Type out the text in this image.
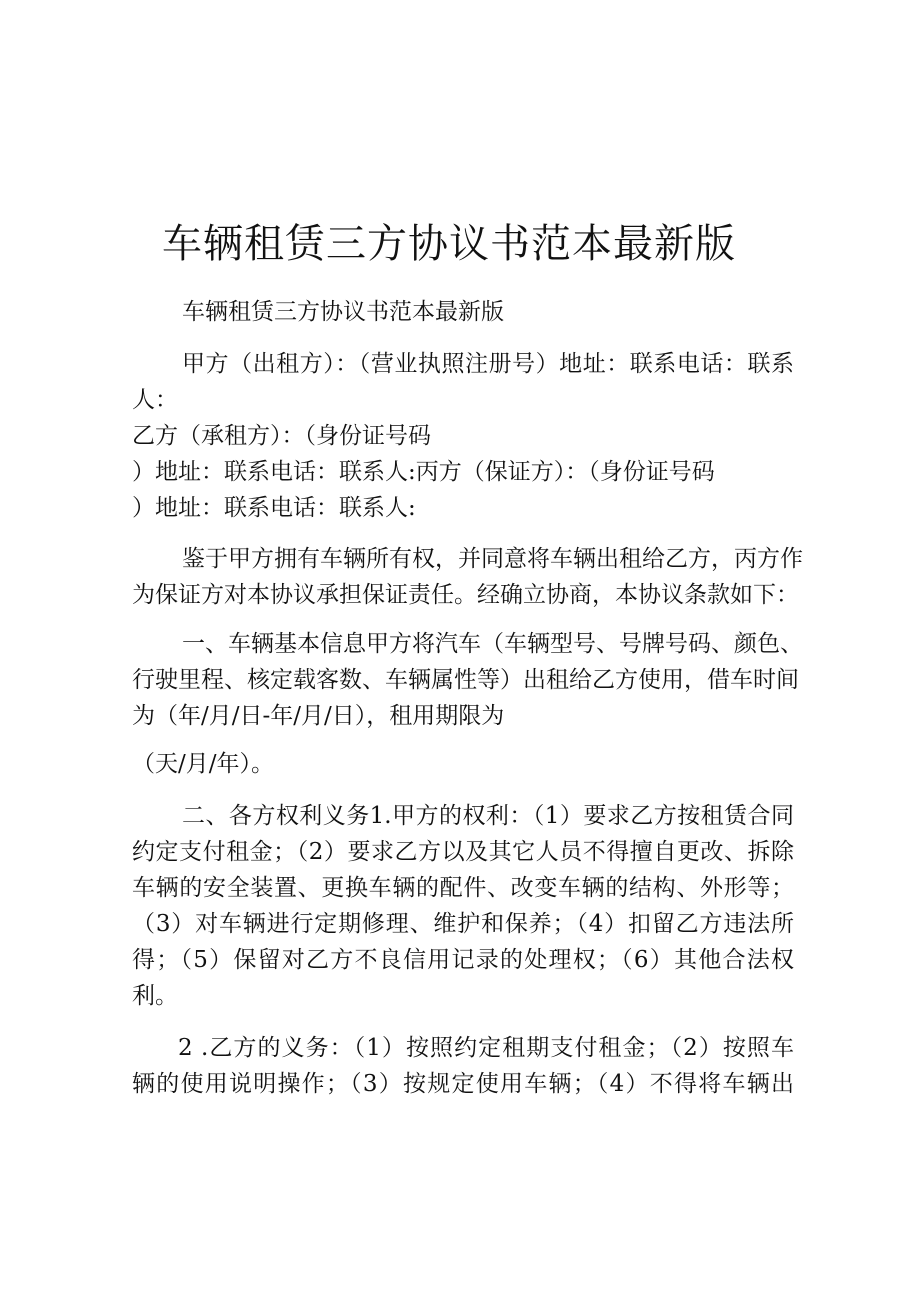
车辆租赁三方协议书范本最新版
车辆租赁三方协议书范本最新版
甲方（出租方）：（营业执照注册号）地址：联系电话：联系
人：
乙方（承租方）：（身份证号码
）地址：联系电话：联系人:丙方（保证方）：（身份证号码
）地址：联系电话：联系人:
鉴于甲方拥有车辆所有权，并同意将车辆出租给乙方，丙方作
为保证方对本协议承担保证责任。经确立协商，本协议条款如下：
一、车辆基本信息甲方将汽车（车辆型号、号牌号码、颜色、
行驶里程、核定载客数、车辆属性等）出租给乙方使用，借车时间
为（年/月/日-年/月/日），租用期限为
（天/月/年）。
二、各方权利义务1.甲方的权利：（1）要求乙方按租赁合同
约定支付租金；（2）要求乙方以及其它人员不得擅自更改、拆除
车辆的安全装置、更换车辆的配件、改变车辆的结构、外形等；
（3）对车辆进行定期修理、维护和保养；（4）扣留乙方违法所
得；（5）保留对乙方不良信用记录的处理权；（6）其他合法权
利。
2 .乙方的义务：（1）按照约定租期支付租金；（2）按照车
辆的使用说明操作；（3）按规定使用车辆；（4）不得将车辆出
